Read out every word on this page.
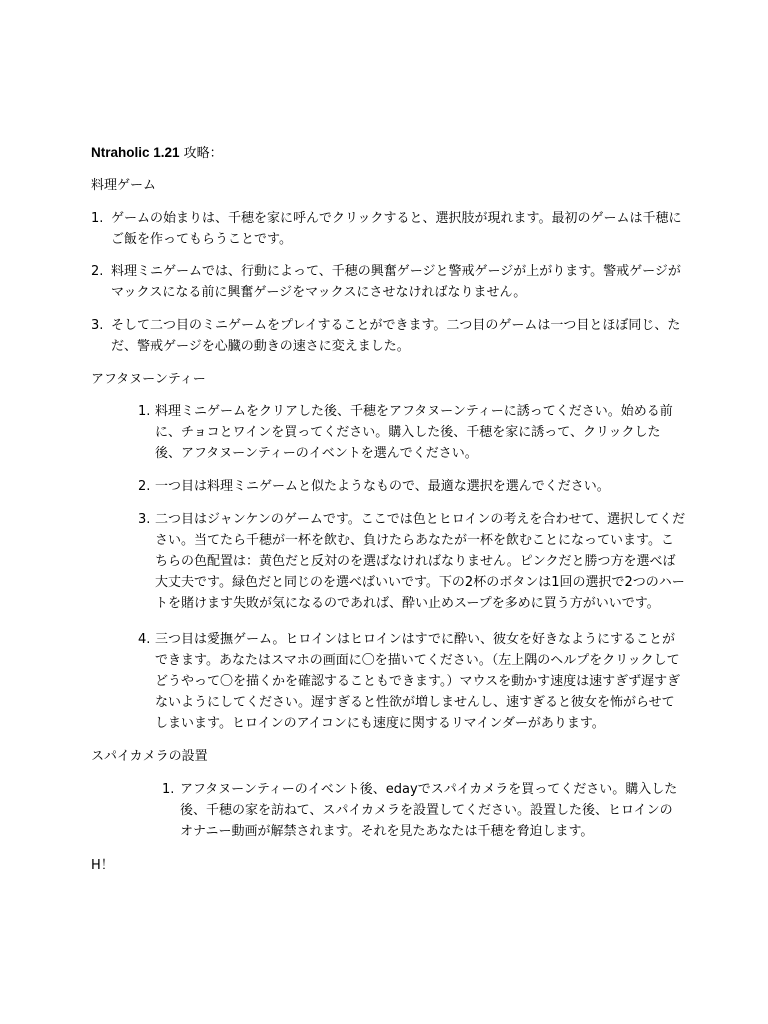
Ntraholic 1.21 攻略：
料理ゲーム
1. ゲームの始まりは、千穂を家に呼んでクリックすると、選択肢が現れます。最初のゲームは千穂にご飯を作ってもらうことです。
2. 料理ミニゲームでは、行動によって、千穂の興奮ゲージと警戒ゲージが上がります。警戒ゲージがマックスになる前に興奮ゲージをマックスにさせなければなりません。
3. そして二つ目のミニゲームをプレイすることができます。二つ目のゲームは一つ目とほぼ同じ、ただ、警戒ゲージを心臓の動きの速さに変えました。
アフタヌーンティー
1. 料理ミニゲームをクリアした後、千穂をアフタヌーンティーに誘ってください。始める前に、チョコとワインを買ってください。購入した後、千穂を家に誘って、クリックした後、アフタヌーンティーのイベントを選んでください。
2. 一つ目は料理ミニゲームと似たようなもので、最適な選択を選んでください。
3. 二つ目はジャンケンのゲームです。ここでは色とヒロインの考えを合わせて、選択してください。当てたら千穂が一杯を飲む、負けたらあなたが一杯を飲むことになっています。こちらの色配置は：黄色だと反対のを選ばなければなりません。ピンクだと勝つ方を選べば大丈夫です。緑色だと同じのを選べばいいです。下の2杯のボタンは1回の選択で2つのハートを賭けます失敗が気になるのであれば、酔い止めスープを多めに買う方がいいです。
4. 三つ目は愛撫ゲーム。ヒロインはヒロインはすでに酔い、彼女を好きなようにすることができます。あなたはスマホの画面に〇を描いてください。（左上隅のヘルプをクリックしてどうやって〇を描くかを確認することもできます。）マウスを動かす速度は速すぎず遅すぎないようにしてください。遅すぎると性欲が増しませんし、速すぎると彼女を怖がらせてしまいます。ヒロインのアイコンにも速度に関するリマインダーがあります。
スパイカメラの設置
1. アフタヌーンティーのイベント後、edayでスパイカメラを買ってください。購入した後、千穂の家を訪ねて、スパイカメラを設置してください。設置した後、ヒロインのオナニー動画が解禁されます。それを見たあなたは千穂を脅迫します。
H！
